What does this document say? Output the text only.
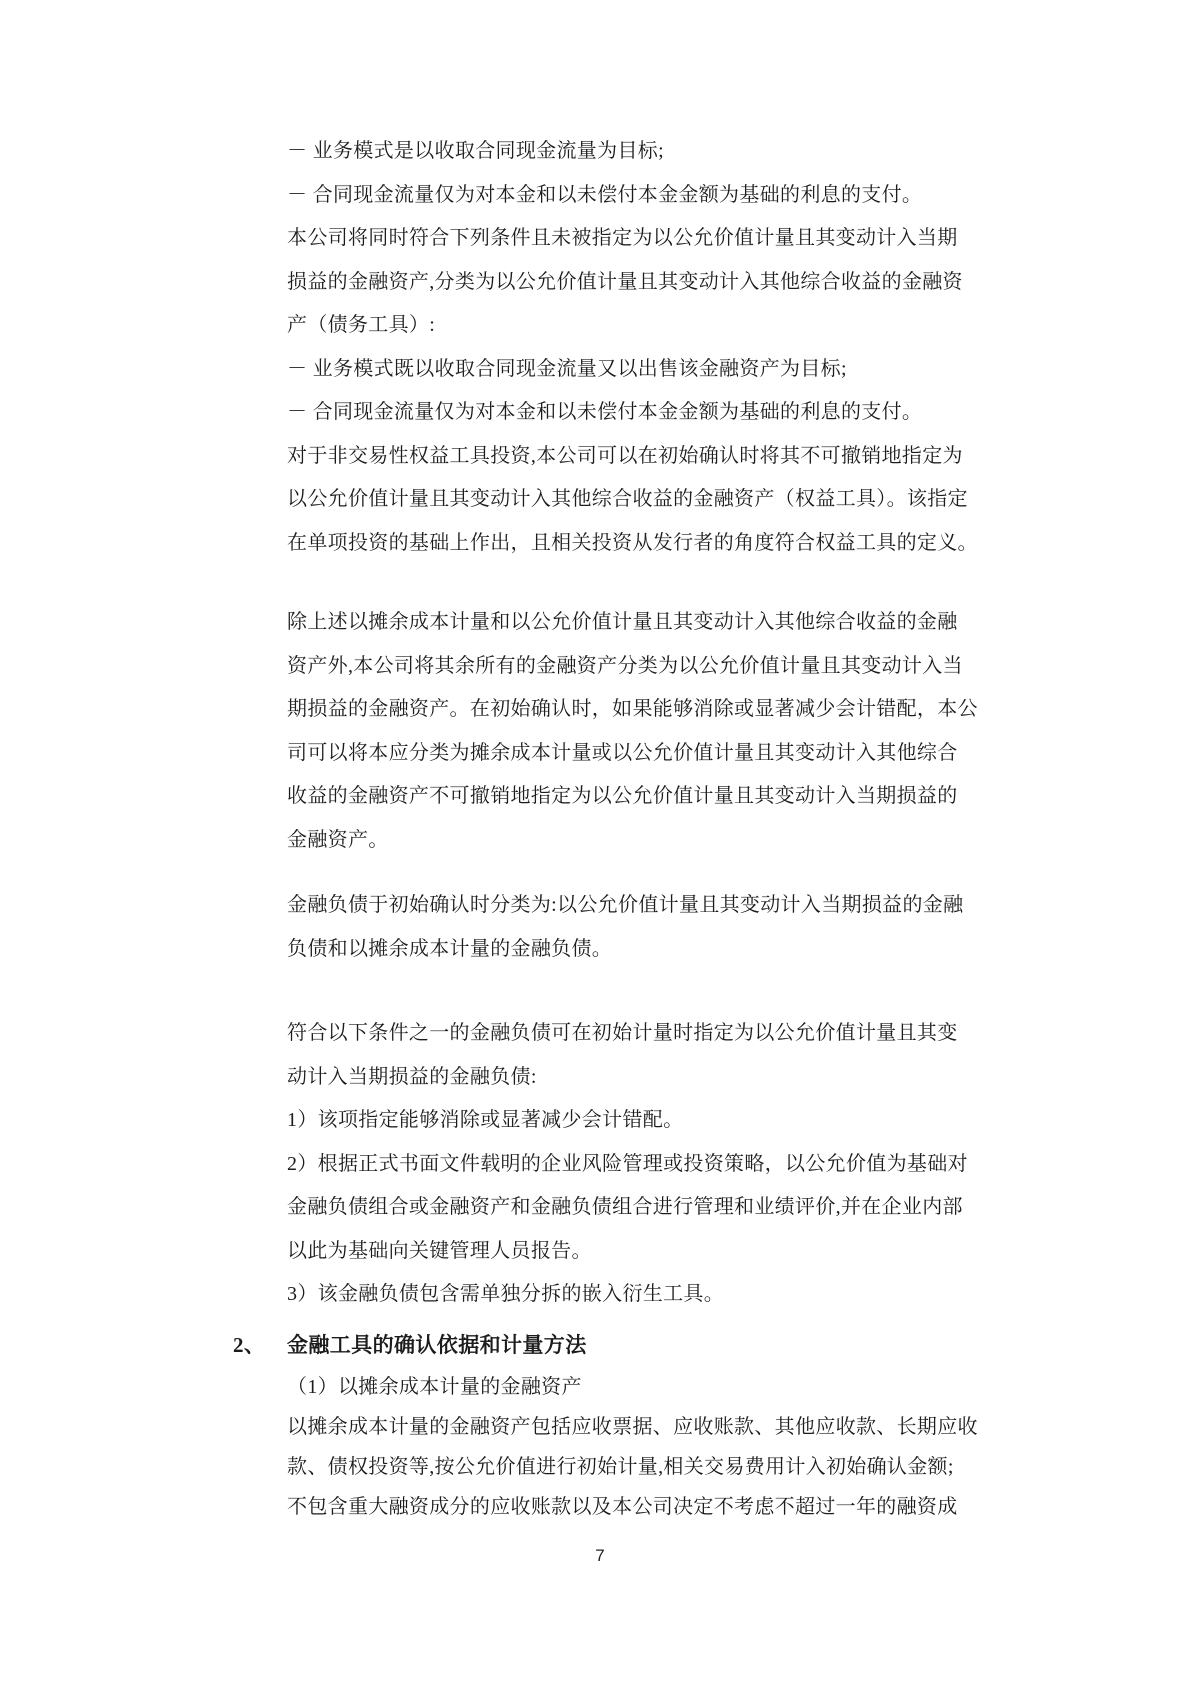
－ 业务模式是以收取合同现金流量为目标;
－ 合同现金流量仅为对本金和以未偿付本金金额为基础的利息的支付。
本公司将同时符合下列条件且未被指定为以公允价值计量且其变动计入当期
损益的金融资产,分类为以公允价值计量且其变动计入其他综合收益的金融资
产（债务工具）:
－ 业务模式既以收取合同现金流量又以出售该金融资产为目标;
－ 合同现金流量仅为对本金和以未偿付本金金额为基础的利息的支付。
对于非交易性权益工具投资,本公司可以在初始确认时将其不可撤销地指定为
以公允价值计量且其变动计入其他综合收益的金融资产（权益工具）。该指定
在单项投资的基础上作出，且相关投资从发行者的角度符合权益工具的定义。
除上述以摊余成本计量和以公允价值计量且其变动计入其他综合收益的金融
资产外,本公司将其余所有的金融资产分类为以公允价值计量且其变动计入当
期损益的金融资产。在初始确认时，如果能够消除或显著减少会计错配，本公
司可以将本应分类为摊余成本计量或以公允价值计量且其变动计入其他综合
收益的金融资产不可撤销地指定为以公允价值计量且其变动计入当期损益的
金融资产。
金融负债于初始确认时分类为:以公允价值计量且其变动计入当期损益的金融
负债和以摊余成本计量的金融负债。
符合以下条件之一的金融负债可在初始计量时指定为以公允价值计量且其变
动计入当期损益的金融负债:
1）该项指定能够消除或显著减少会计错配。
2）根据正式书面文件载明的企业风险管理或投资策略，以公允价值为基础对
金融负债组合或金融资产和金融负债组合进行管理和业绩评价,并在企业内部
以此为基础向关键管理人员报告。
3）该金融负债包含需单独分拆的嵌入衍生工具。
2、 金融工具的确认依据和计量方法
（1）以摊余成本计量的金融资产
以摊余成本计量的金融资产包括应收票据、应收账款、其他应收款、长期应收
款、债权投资等,按公允价值进行初始计量,相关交易费用计入初始确认金额;
不包含重大融资成分的应收账款以及本公司决定不考虑不超过一年的融资成
7
